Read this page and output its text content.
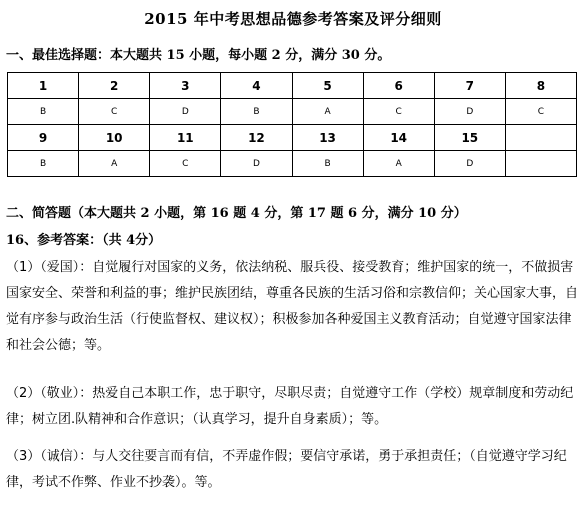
2015 年中考思想品德参考答案及评分细则
一、最佳选择题：本大题共 15 小题，每小题 2 分，满分 30 分。
1	2	3	4	5	6	7	8
B	C	D	B	A	C	D	C
9	10	11	12	13	14	15	
B	A	C	D	B	A	D	
二、简答题（本大题共 2 小题，第 16 题 4 分，第 17 题 6 分，满分 10 分）
16、参考答案：（共 4分）

（1）（爱国）：自觉履行对国家的义务，依法纳税、服兵役、接受教育；维护国家的统一，不做损害国家安全、荣誉和利益的事；维护民族团结，尊重各民族的生活习俗和宗教信仰；关心国家大事，自觉有序参与政治生活（行使监督权、建议权）；积极参加各种爱国主义教育活动；自觉遵守国家法律和社会公德；等。

（2）（敬业）：热爱自己本职工作，忠于职守，尽职尽责；自觉遵守工作（学校）规章制度和劳动纪律；树立团.队精神和合作意识；（认真学习，提升自身素质）；等。

（3）（诚信）：与人交往要言而有信，不弄虚作假；要信守承诺，勇于承担责任；（自觉遵守学习纪律，考试不作弊、作业不抄袭）。等。
